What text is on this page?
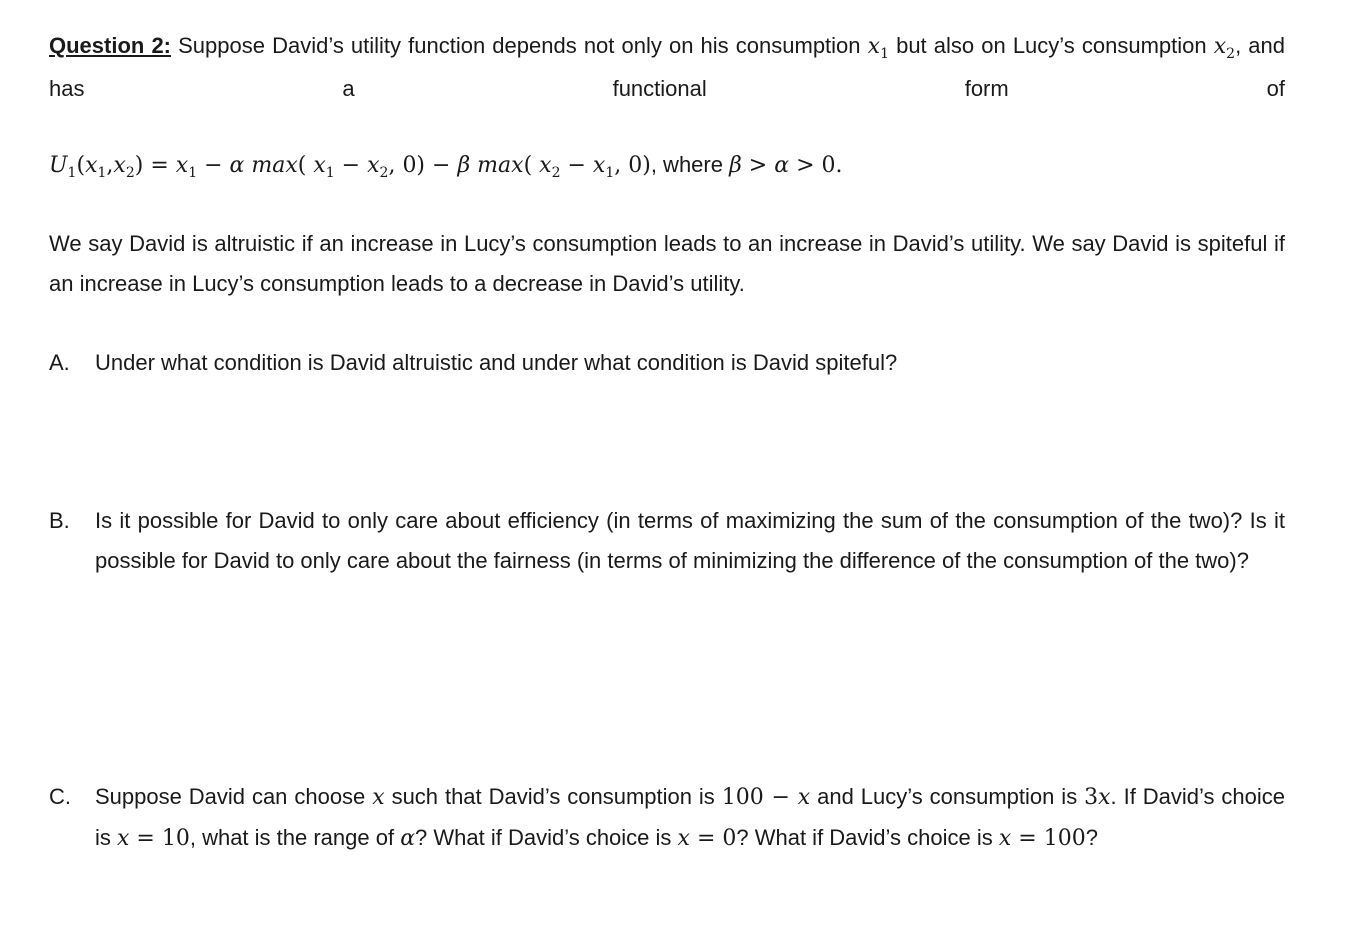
Question 2: Suppose David’s utility function depends not only on his consumption $x_1$ but also on Lucy’s consumption $x_2$, and has a functional form of
$U_1(x_1,x_2) = x_1 - \alpha$ max( $x_1 - x_2$, 0) − β max( $x_2 - x_1$, 0), where β > α > 0.
We say David is altruistic if an increase in Lucy’s consumption leads to an increase in David’s utility. We say David is spiteful if an increase in Lucy’s consumption leads to a decrease in David’s utility.
A. Under what condition is David altruistic and under what condition is David spiteful?
B. Is it possible for David to only care about efficiency (in terms of maximizing the sum of the consumption of the two)? Is it possible for David to only care about the fairness (in terms of minimizing the difference of the consumption of the two)?
C. Suppose David can choose x such that David’s consumption is 100 − x and Lucy’s consumption is 3x. If David’s choice is x = 10, what is the range of α? What if David’s choice is x = 0? What if David’s choice is x = 100?
